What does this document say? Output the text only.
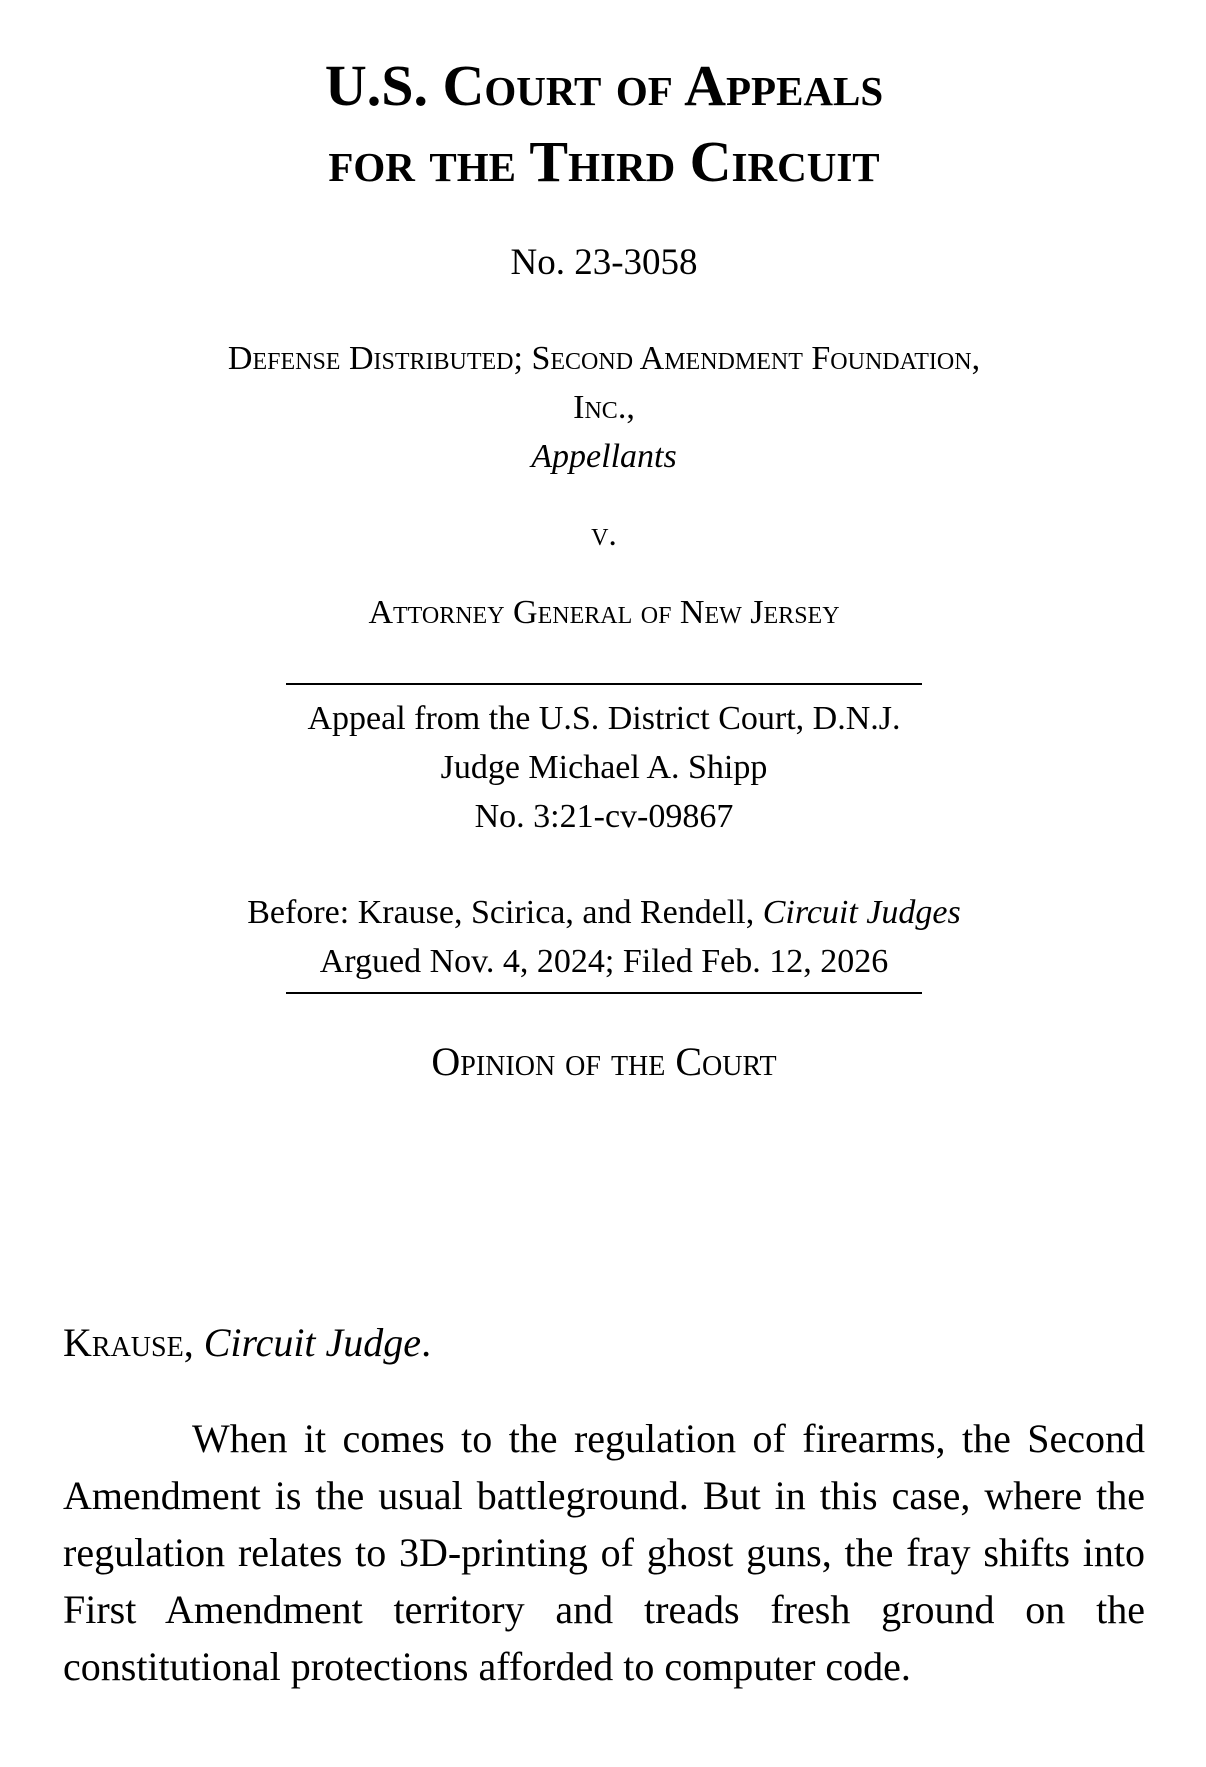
U.S. Court of Appeals
for the Third Circuit
No. 23-3058
Defense Distributed; Second Amendment Foundation,
Inc.,
Appellants
v.
Attorney General of New Jersey
Appeal from the U.S. District Court, D.N.J.
Judge Michael A. Shipp
No. 3:21-cv-09867
Before: Krause, Scirica, and Rendell, Circuit Judges
Argued Nov. 4, 2024; Filed Feb. 12, 2026
Opinion of the Court
Krause, Circuit Judge.

When it comes to the regulation of firearms, the Second Amendment is the usual battleground. But in this case, where the regulation relates to 3D-printing of ghost guns, the fray shifts into First Amendment territory and treads fresh ground on the constitutional protections afforded to computer code.
